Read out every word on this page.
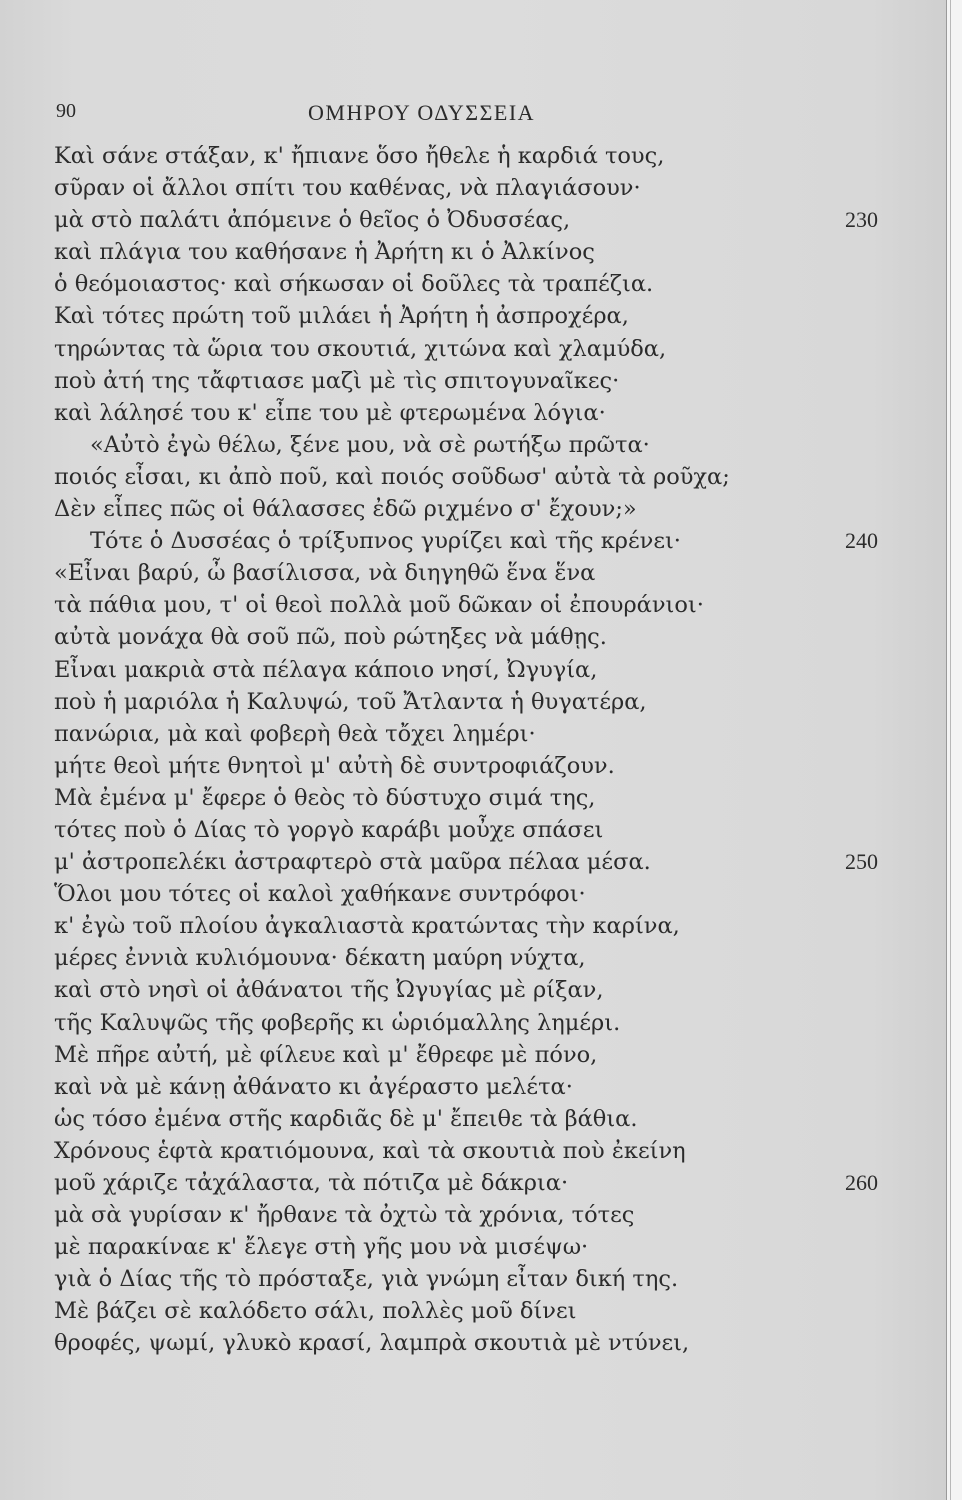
90	ΟΜΗΡΟΥ ΟΔΥΣΣΕΙΑ
Καὶ σάνε στάξαν, κ' ἤπιανε ὅσο ἤθελε ἡ καρδιά τους,
σῦραν οἱ ἄλλοι σπίτι του καθένας, νὰ πλαγιάσουν·
μὰ στὸ παλάτι ἀπόμεινε ὁ θεῖος ὁ Ὀδυσσέας,	230
καὶ πλάγια του καθήσανε ἡ Ἀρήτη κι ὁ Ἀλκίνος
ὁ θεόμοιαστος· καὶ σήκωσαν οἱ δοῦλες τὰ τραπέζια.
Καὶ τότες πρώτη τοῦ μιλάει ἡ Ἀρήτη ἡ ἀσπροχέρα,
τηρώντας τὰ ὥρια του σκουτιά, χιτώνα καὶ χλαμύδα,
ποὺ ἀτή της τἄφτιασε μαζὶ μὲ τὶς σπιτογυναῖκες·
καὶ λάλησέ του κ' εἶπε του μὲ φτερωμένα λόγια·
«Αὐτὸ ἐγὼ θέλω, ξένε μου, νὰ σὲ ρωτήξω πρῶτα·
ποιός εἶσαι, κι ἀπὸ ποῦ, καὶ ποιός σοῦδωσ' αὐτὰ τὰ ροῦχα;
Δὲν εἶπες πῶς οἱ θάλασσες ἐδῶ ριχμένο σ' ἔχουν;»
Τότε ὁ Δυσσέας ὁ τρίξυπνος γυρίζει καὶ τῆς κρένει·	240
«Εἶναι βαρύ, ὦ βασίλισσα, νὰ διηγηθῶ ἕνα ἕνα
τὰ πάθια μου, τ' οἱ θεοὶ πολλὰ μοῦ δῶκαν οἱ ἐπουράνιοι·
αὐτὰ μονάχα θὰ σοῦ πῶ, ποὺ ρώτηξες νὰ μάθῃς.
Εἶναι μακριὰ στὰ πέλαγα κάποιο νησί, Ὠγυγία,
ποὺ ἡ μαριόλα ἡ Καλυψώ, τοῦ Ἄτλαντα ἡ θυγατέρα,
πανώρια, μὰ καὶ φοβερὴ θεὰ τὄχει λημέρι·
μήτε θεοὶ μήτε θνητοὶ μ' αὐτὴ δὲ συντροφιάζουν.
Μὰ ἐμένα μ' ἔφερε ὁ θεὸς τὸ δύστυχο σιμά της,
τότες ποὺ ὁ Δίας τὸ γοργὸ καράβι μοὖχε σπάσει
μ' ἀστροπελέκι ἀστραφτερὸ στὰ μαῦρα πέλαα μέσα.	250
Ὅλοι μου τότες οἱ καλοὶ χαθήκανε συντρόφοι·
κ' ἐγὼ τοῦ πλοίου ἀγκαλιαστὰ κρατώντας τὴν καρίνα,
μέρες ἐννιὰ κυλιόμουνα· δέκατη μαύρη νύχτα,
καὶ στὸ νησὶ οἱ ἀθάνατοι τῆς Ὠγυγίας μὲ ρίξαν,
τῆς Καλυψῶς τῆς φοβερῆς κι ὡριόμαλλης λημέρι.
Μὲ πῆρε αὐτή, μὲ φίλευε καὶ μ' ἔθρεφε μὲ πόνο,
καὶ νὰ μὲ κάνῃ ἀθάνατο κι ἀγέραστο μελέτα·
ὡς τόσο ἐμένα στῆς καρδιᾶς δὲ μ' ἔπειθε τὰ βάθια.
Χρόνους ἑφτὰ κρατιόμουνα, καὶ τὰ σκουτιὰ ποὺ ἐκείνη
μοῦ χάριζε τἀχάλαστα, τὰ πότιζα μὲ δάκρια·	260
μὰ σὰ γυρίσαν κ' ἤρθανε τὰ ὀχτὼ τὰ χρόνια, τότες
μὲ παρακίναε κ' ἔλεγε στὴ γῆς μου νὰ μισέψω·
γιὰ ὁ Δίας τῆς τὸ πρόσταξε, γιὰ γνώμη εἶταν δική της.
Μὲ βάζει σὲ καλόδετο σάλι, πολλὲς μοῦ δίνει
θροφές, ψωμί, γλυκὸ κρασί, λαμπρὰ σκουτιὰ μὲ ντύνει,
